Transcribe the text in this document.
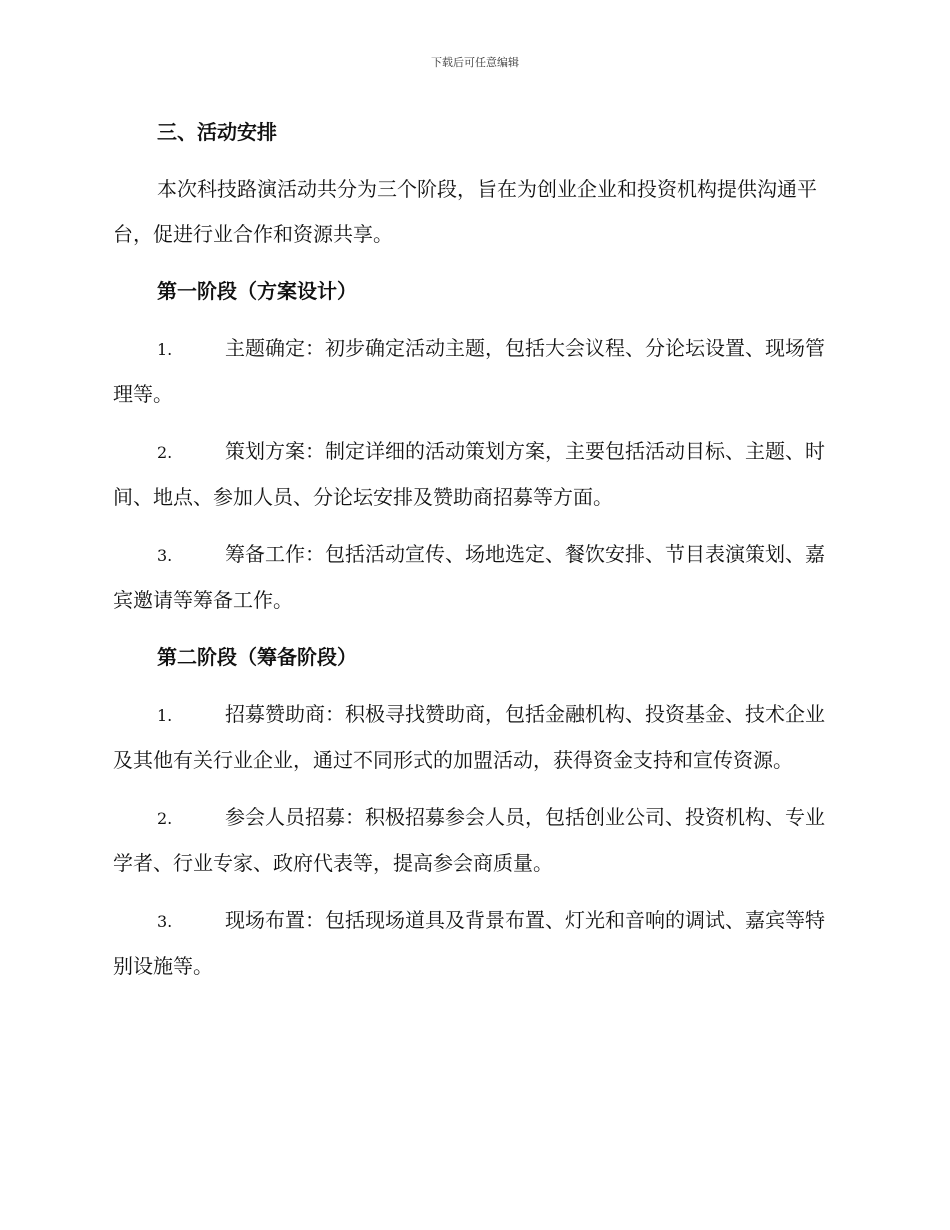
下载后可任意编辑
三、活动安排

本次科技路演活动共分为三个阶段，旨在为创业企业和投资机构提供沟通平台，促进行业合作和资源共享。

第一阶段（方案设计）

1.	主题确定：初步确定活动主题，包括大会议程、分论坛设置、现场管理等。

2.	策划方案：制定详细的活动策划方案，主要包括活动目标、主题、时间、地点、参加人员、分论坛安排及赞助商招募等方面。

3.	筹备工作：包括活动宣传、场地选定、餐饮安排、节目表演策划、嘉宾邀请等筹备工作。

第二阶段（筹备阶段）

1.	招募赞助商：积极寻找赞助商，包括金融机构、投资基金、技术企业及其他有关行业企业，通过不同形式的加盟活动，获得资金支持和宣传资源。

2.	参会人员招募：积极招募参会人员，包括创业公司、投资机构、专业学者、行业专家、政府代表等，提高参会商质量。

3.	现场布置：包括现场道具及背景布置、灯光和音响的调试、嘉宾等特别设施等。
